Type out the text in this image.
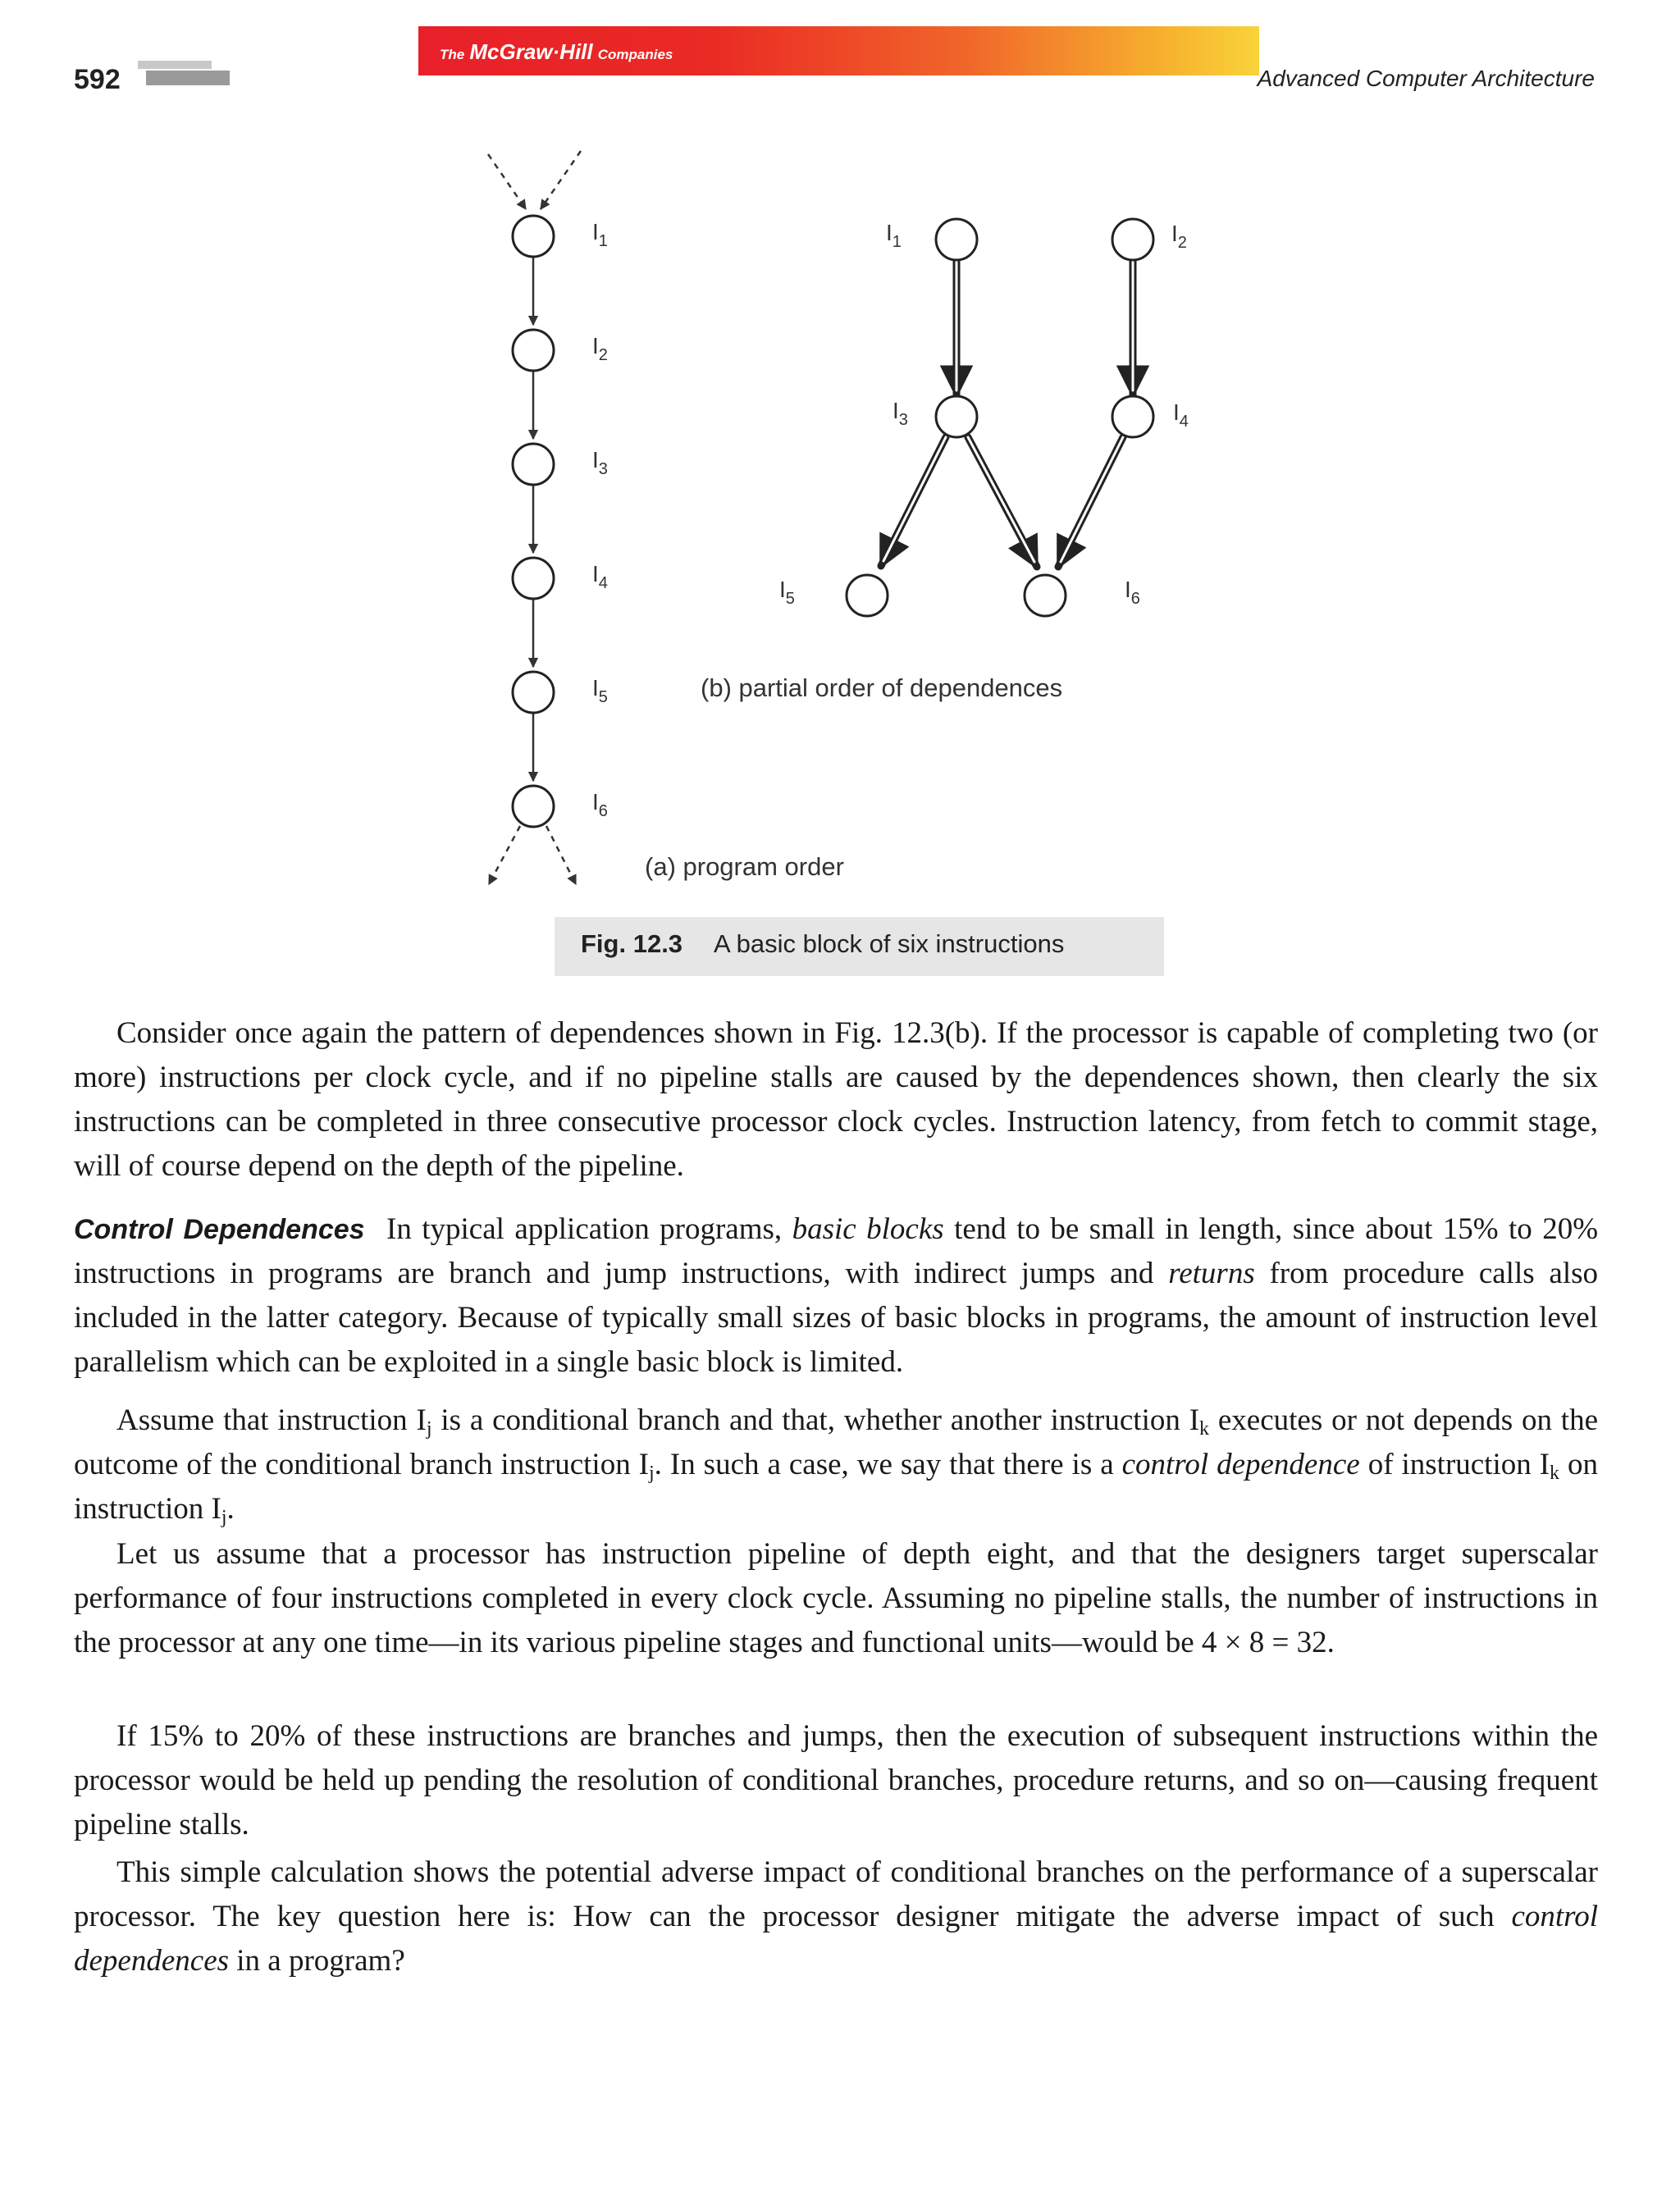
592
The McGraw·Hill Companies
Advanced Computer Architecture
$I_1$
$I_2$
$I_3$
$I_4$
$I_5$
$I_6$
(a) program order
$I_1$	$I_2$
$I_3$	$I_4$
$I_5$	$I_6$
(b) partial order of dependences
Fig. 12.3 A basic block of six instructions

Consider once again the pattern of dependences shown in Fig. 12.3(b). If the processor is capable of completing two (or more) instructions per clock cycle, and if no pipeline stalls are caused by the dependences shown, then clearly the six instructions can be completed in three consecutive processor clock cycles. Instruction latency, from fetch to commit stage, will of course depend on the depth of the pipeline.

Control Dependences In typical application programs, basic blocks tend to be small in length, since about 15% to 20% instructions in programs are branch and jump instructions, with indirect jumps and returns from procedure calls also included in the latter category. Because of typically small sizes of basic blocks in programs, the amount of instruction level parallelism which can be exploited in a single basic block is limited.

Assume that instruction $I_j$ is a conditional branch and that, whether another instruction $I_k$ executes or not depends on the outcome of the conditional branch instruction $I_j$. In such a case, we say that there is a control dependence of instruction $I_k$ on instruction $I_j$.

Let us assume that a processor has instruction pipeline of depth eight, and that the designers target superscalar performance of four instructions completed in every clock cycle. Assuming no pipeline stalls, the number of instructions in the processor at any one time—in its various pipeline stages and functional units—would be 4 × 8 = 32.

If 15% to 20% of these instructions are branches and jumps, then the execution of subsequent instructions within the processor would be held up pending the resolution of conditional branches, procedure returns, and so on—causing frequent pipeline stalls.

This simple calculation shows the potential adverse impact of conditional branches on the performance of a superscalar processor. The key question here is: How can the processor designer mitigate the adverse impact of such control dependences in a program?
